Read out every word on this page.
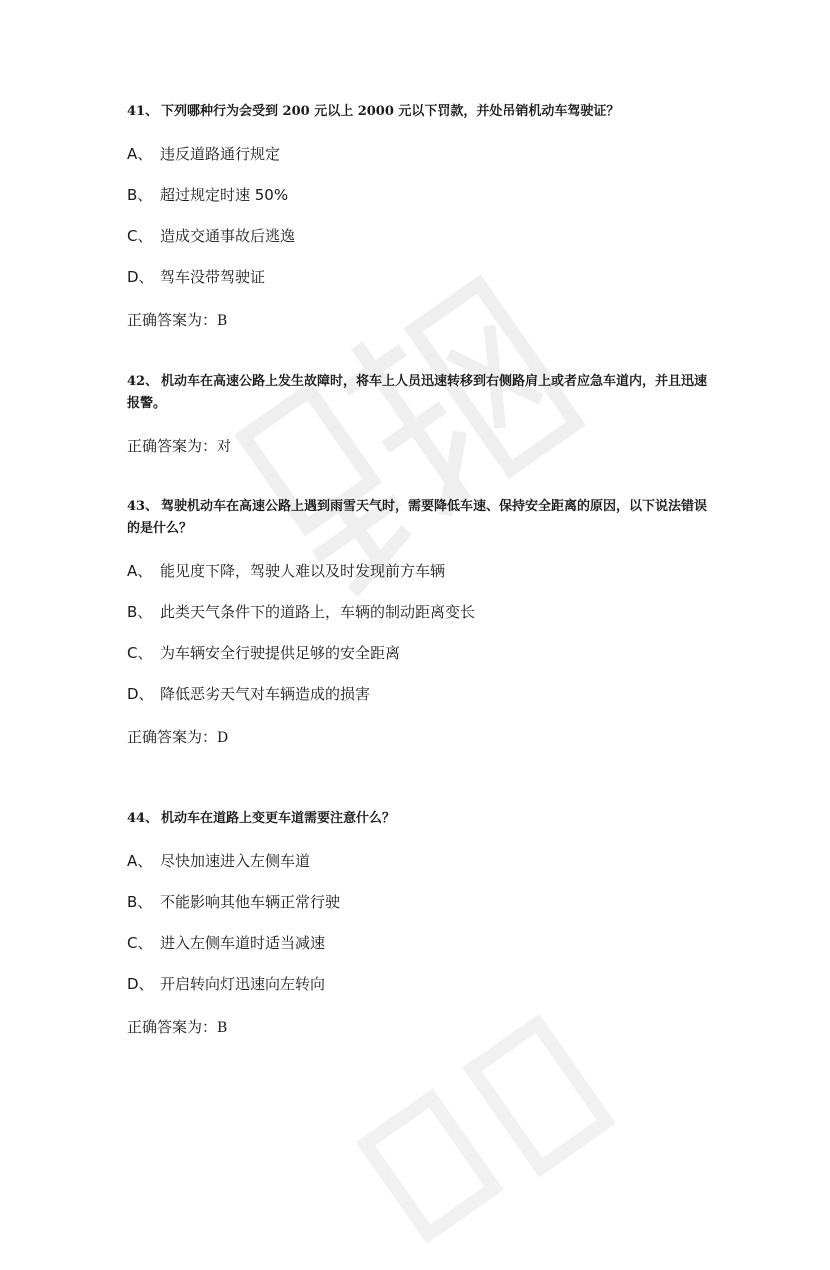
41、 下列哪种行为会受到 200 元以上 2000 元以下罚款，并处吊销机动车驾驶证？
A、 违反道路通行规定
B、 超过规定时速 50%
C、 造成交通事故后逃逸
D、 驾车没带驾驶证
正确答案为：B
42、 机动车在高速公路上发生故障时，将车上人员迅速转移到右侧路肩上或者应急车道内，并且迅速报警。
正确答案为：对
43、 驾驶机动车在高速公路上遇到雨雪天气时，需要降低车速、保持安全距离的原因，以下说法错误的是什么？
A、 能见度下降，驾驶人难以及时发现前方车辆
B、 此类天气条件下的道路上，车辆的制动距离变长
C、 为车辆安全行驶提供足够的安全距离
D、 降低恶劣天气对车辆造成的损害
正确答案为：D
44、 机动车在道路上变更车道需要注意什么？
A、 尽快加速进入左侧车道
B、 不能影响其他车辆正常行驶
C、 进入左侧车道时适当减速
D、 开启转向灯迅速向左转向
正确答案为：B
